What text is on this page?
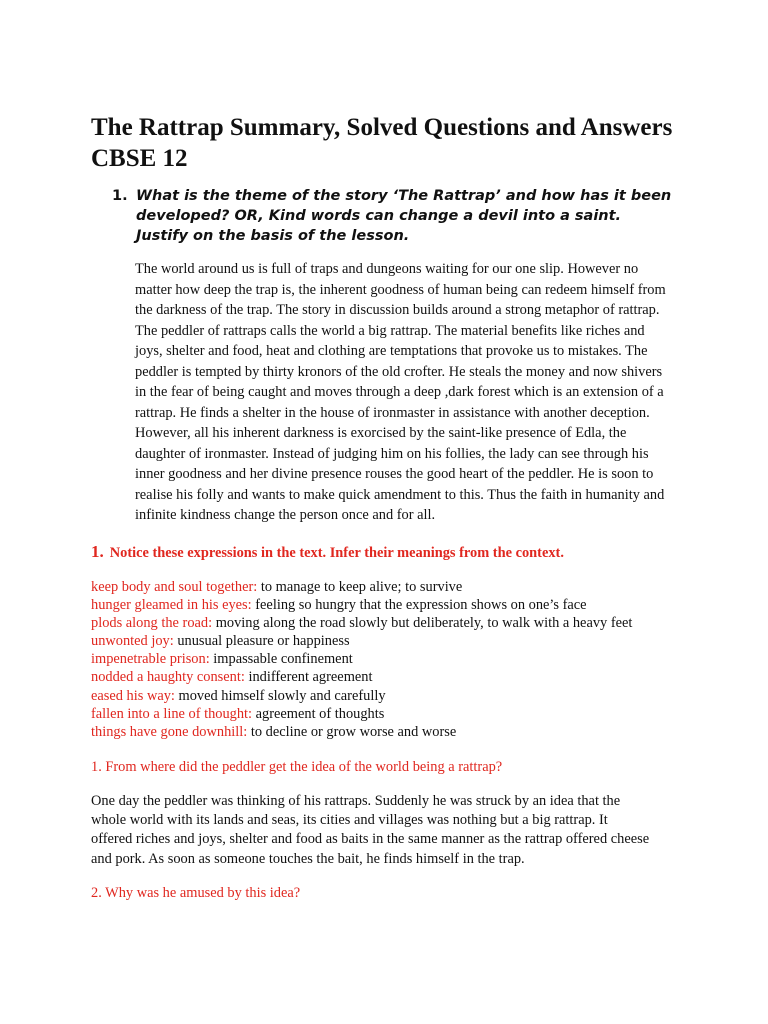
The Rattrap Summary, Solved Questions and Answers CBSE 12
1. What is the theme of the story ‘The Rattrap’ and how has it been developed? OR, Kind words can change a devil into a saint. Justify on the basis of the lesson.

The world around us is full of traps and dungeons waiting for our one slip. However no matter how deep the trap is, the inherent goodness of human being can redeem himself from the darkness of the trap. The story in discussion builds around a strong metaphor of rattrap. The peddler of rattraps calls the world a big rattrap. The material benefits like riches and joys, shelter and food, heat and clothing are temptations that provoke us to mistakes. The peddler is tempted by thirty kronors of the old crofter. He steals the money and now shivers in the fear of being caught and moves through a deep ,dark forest which is an extension of a rattrap. He finds a shelter in the house of ironmaster in assistance with another deception. However, all his inherent darkness is exorcised by the saint-like presence of Edla, the daughter of ironmaster. Instead of judging him on his follies, the lady can see through his inner goodness and her divine presence rouses the good heart of the peddler. He is soon to realise his folly and wants to make quick amendment to this. Thus the faith in humanity and infinite kindness change the person once and for all.

1. Notice these expressions in the text. Infer their meanings from the context.
keep body and soul together: to manage to keep alive; to survive
hunger gleamed in his eyes: feeling so hungry that the expression shows on one’s face
plods along the road: moving along the road slowly but deliberately, to walk with a heavy feet
unwonted joy: unusual pleasure or happiness
impenetrable prison: impassable confinement
nodded a haughty consent: indifferent agreement
eased his way: moved himself slowly and carefully
fallen into a line of thought: agreement of thoughts
things have gone downhill: to decline or grow worse and worse
1. From where did the peddler get the idea of the world being a rattrap?

One day the peddler was thinking of his rattraps. Suddenly he was struck by an idea that the whole world with its lands and seas, its cities and villages was nothing but a big rattrap. It offered riches and joys, shelter and food as baits in the same manner as the rattrap offered cheese and pork. As soon as someone touches the bait, he finds himself in the trap.

2. Why was he amused by this idea?
